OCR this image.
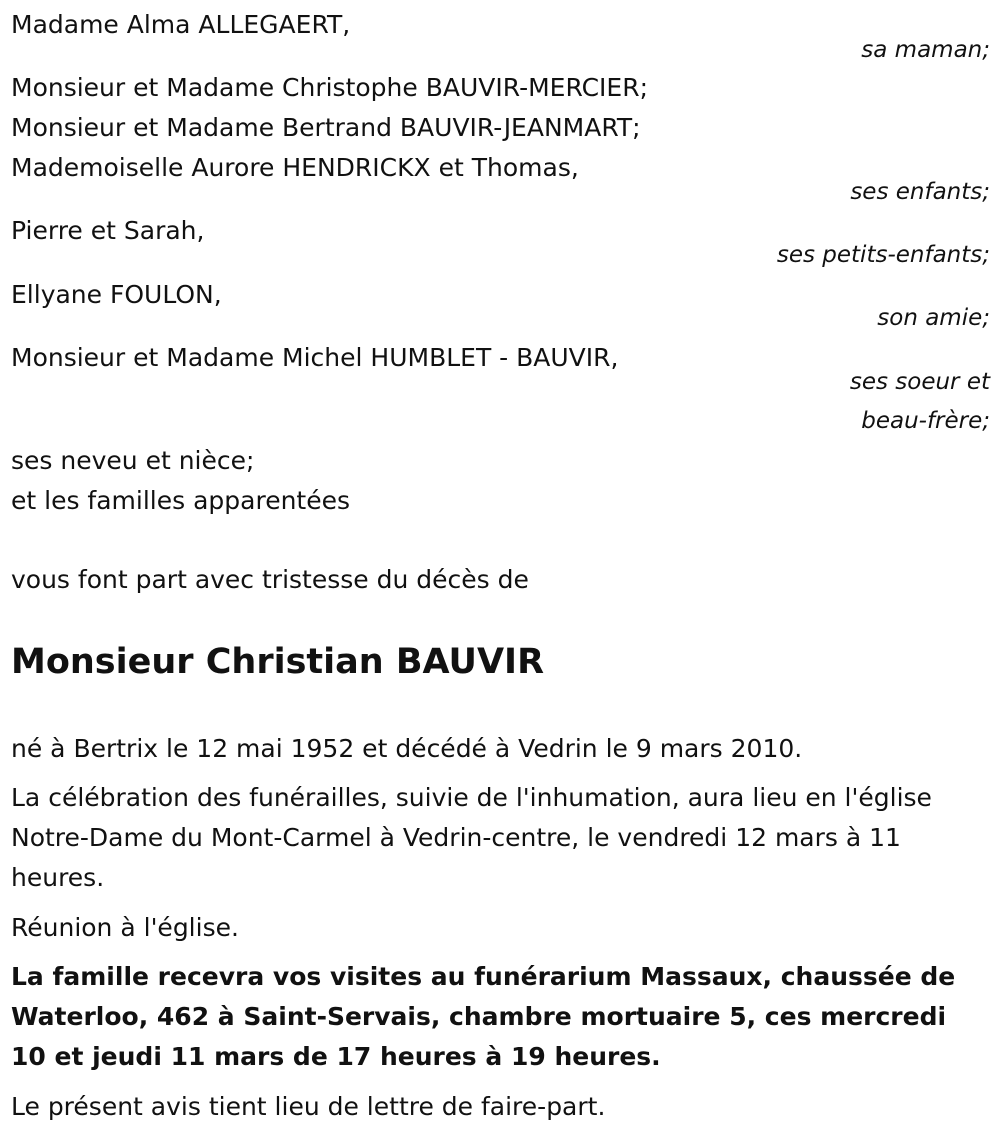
Madame Alma ALLEGAERT,
sa maman;
Monsieur et Madame Christophe BAUVIR-MERCIER;
Monsieur et Madame Bertrand BAUVIR-JEANMART;
Mademoiselle Aurore HENDRICKX et Thomas,
ses enfants;
Pierre et Sarah,
ses petits-enfants;
Ellyane FOULON,
son amie;
Monsieur et Madame Michel HUMBLET - BAUVIR,
ses soeur et
beau-frère;
ses neveu et nièce;
et les familles apparentées
vous font part avec tristesse du décès de
Monsieur Christian BAUVIR
né à Bertrix le 12 mai 1952 et décédé à Vedrin le 9 mars 2010.
La célébration des funérailles, suivie de l'inhumation, aura lieu en l'église Notre-Dame du Mont-Carmel à Vedrin-centre, le vendredi 12 mars à 11 heures.
Réunion à l'église.
La famille recevra vos visites au funérarium Massaux, chaussée de Waterloo, 462 à Saint-Servais, chambre mortuaire 5, ces mercredi 10 et jeudi 11 mars de 17 heures à 19 heures.
Le présent avis tient lieu de lettre de faire-part.
